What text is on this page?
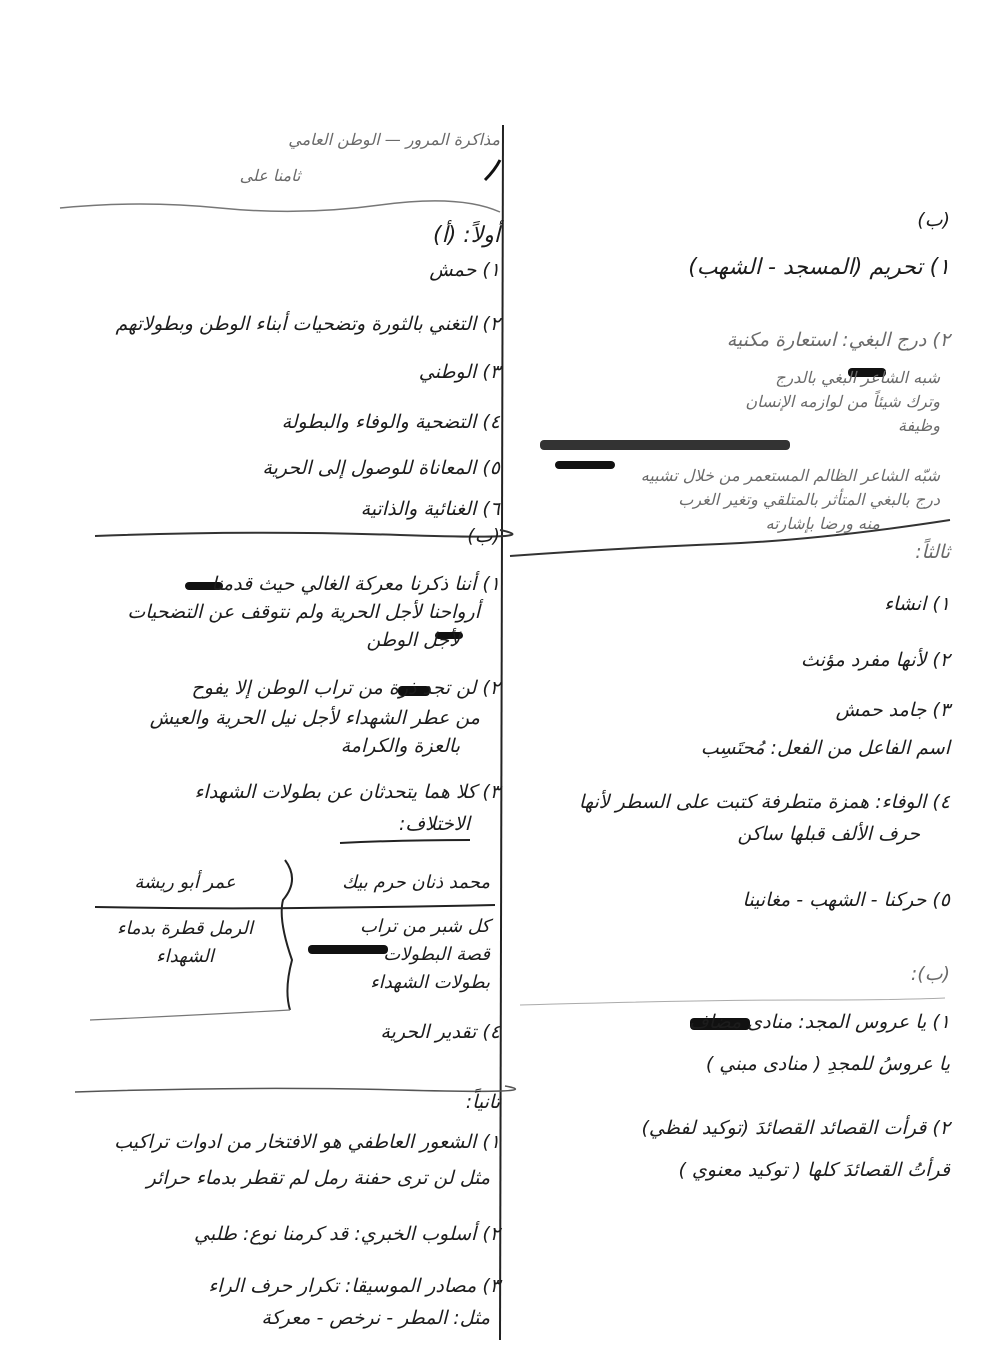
مذاكرة المرور — الوطن العامي
ثامنا على
أولاً: (أ)
١) حمش
٢) التغني بالثورة وتضحيات أبناء الوطن وبطولاتهم
٣) الوطني
٤) التضحية والوفاء والبطولة
٥) المعاناة للوصول إلى الحرية
٦) الغنائية والذاتية
(ب)
١) أننا ذكرنا معركة الغالي حيث قدمنا
أرواحنا لأجل الحرية ولم نتوقف عن التضحيات
لأجل الوطن
٢) لن تجد ذرة من تراب الوطن إلا يفوح
من عطر الشهداء لأجل نيل الحرية والعيش
بالعزة والكرامة
٣) كلا هما يتحدثان عن بطولات الشهداء
الاختلاف:
محمد ذنان حرم بيك
عمر أبو ريشة
كل شبر من تراب
قصة البطولات
بطولات الشهداء
الرمل قطرة بدماء
الشهداء
٤) تقدير الحرية
ثانياً:
١) الشعور العاطفي هو الافتخار من ادوات تراكيب
مثل لن ترى حفنة رمل لم تقطر بدماء حرائر
٢) أسلوب الخبري: قد كرمنا نوع: طلبي
٣) مصادر الموسيقا: تكرار حرف الراء
مثل: المطر - نرخص - معركة
(ب)
١) تحريم (المسجد - الشهب)
٢) درج البغي: استعارة مكنية
شبه الشاعر البغي بالدرج
وترك شيئاً من لوازمه الإنسان
وظيفة
شبّه الشاعر الظالم المستعمر من خلال تشبيه
درج بالبغي المتأثر بالمتلقي وتغير الغرب
منه ورضا بإشارته
ثالثاً:
١) انشاء
٢) لأنها مفرد مؤنث
٣) جامد حمش
اسم الفاعل من الفعل: مُحتَسِب
٤) الوفاء: همزة متطرفة كتبت على السطر لأنها
حرف الألف قبلها ساكن
٥) حركنا - الشهب - مغانينا
(ب):
١) يا عروس المجد: منادى مضاف
يا عروسُ للمجدِ ( منادى مبني )
٢) قرأت القصائد القصائدَ (توكيد لفظي)
قرأتُ القصائدَ كلها ( توكيد معنوي )
